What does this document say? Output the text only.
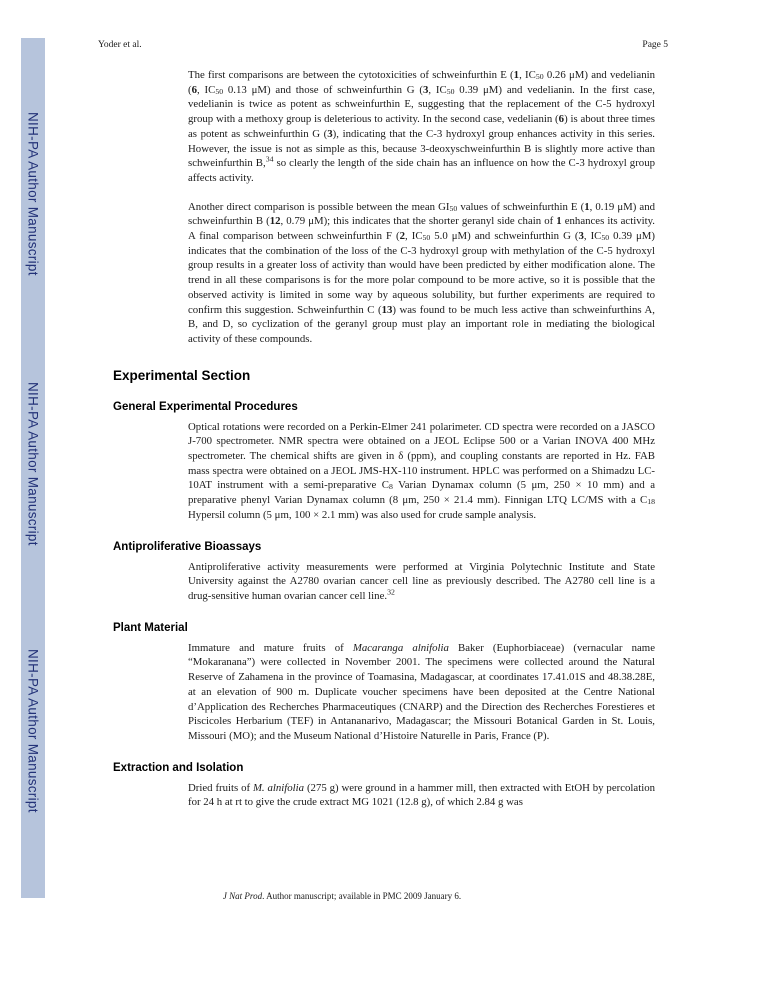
NIH-PA Author Manuscript
NIH-PA Author Manuscript
NIH-PA Author Manuscript
Yoder et al.	Page 5

The first comparisons are between the cytotoxicities of schweinfurthin E (1, $IC_{50}$ 0.26 μM) and vedelianin (6, $IC_{50}$ 0.13 μM) and those of schweinfurthin G (3, $IC_{50}$ 0.39 μM) and vedelianin. In the first case, vedelianin is twice as potent as schweinfurthin E, suggesting that the replacement of the C-5 hydroxyl group with a methoxy group is deleterious to activity. In the second case, vedelianin (6) is about three times as potent as schweinfurthin G (3), indicating that the C-3 hydroxyl group enhances activity in this series. However, the issue is not as simple as this, because 3-deoxyschweinfurthin B is slightly more active than schweinfurthin B,$^{34}$ so clearly the length of the side chain has an influence on how the C-3 hydroxyl group affects activity.

Another direct comparison is possible between the mean $GI_{50}$ values of schweinfurthin E (1, 0.19 μM) and schweinfurthin B (12, 0.79 μM); this indicates that the shorter geranyl side chain of 1 enhances its activity. A final comparison between schweinfurthin F (2, $IC_{50}$ 5.0 μM) and schweinfurthin G (3, $IC_{50}$ 0.39 μM) indicates that the combination of the loss of the C-3 hydroxyl group with methylation of the C-5 hydroxyl group results in a greater loss of activity than would have been predicted by either modification alone. The trend in all these comparisons is for the more polar compound to be more active, so it is possible that the observed activity is limited in some way by aqueous solubility, but further experiments are required to confirm this suggestion. Schweinfurthin C (13) was found to be much less active than schweinfurthins A, B, and D, so cyclization of the geranyl group must play an important role in mediating the biological activity of these compounds.

Experimental Section
General Experimental Procedures

Optical rotations were recorded on a Perkin-Elmer 241 polarimeter. CD spectra were recorded on a JASCO J-700 spectrometer. NMR spectra were obtained on a JEOL Eclipse 500 or a Varian INOVA 400 MHz spectrometer. The chemical shifts are given in δ (ppm), and coupling constants are reported in Hz. FAB mass spectra were obtained on a JEOL JMS-HX-110 instrument. HPLC was performed on a Shimadzu LC-10AT instrument with a semi-preparative $C_8$ Varian Dynamax column (5 μm, 250 × 10 mm) and a preparative phenyl Varian Dynamax column (8 μm, 250 × 21.4 mm). Finnigan LTQ LC/MS with a $C_{18}$ Hypersil column (5 μm, 100 × 2.1 mm) was also used for crude sample analysis.

Antiproliferative Bioassays

Antiproliferative activity measurements were performed at Virginia Polytechnic Institute and State University against the A2780 ovarian cancer cell line as previously described. The A2780 cell line is a drug-sensitive human ovarian cancer cell line.$^{32}$

Plant Material

Immature and mature fruits of Macaranga alnifolia Baker (Euphorbiaceae) (vernacular name “Mokaranana”) were collected in November 2001. The specimens were collected around the Natural Reserve of Zahamena in the province of Toamasina, Madagascar, at coordinates 17.41.01S and 48.38.28E, at an elevation of 900 m. Duplicate voucher specimens have been deposited at the Centre National d’Application des Recherches Pharmaceutiques (CNARP) and the Direction des Recherches Forestieres et Piscicoles Herbarium (TEF) in Antananarivo, Madagascar; the Missouri Botanical Garden in St. Louis, Missouri (MO); and the Museum National d’Histoire Naturelle in Paris, France (P).

Extraction and Isolation

Dried fruits of M. alnifolia (275 g) were ground in a hammer mill, then extracted with EtOH by percolation for 24 h at rt to give the crude extract MG 1021 (12.8 g), of which 2.84 g was

J Nat Prod. Author manuscript; available in PMC 2009 January 6.
